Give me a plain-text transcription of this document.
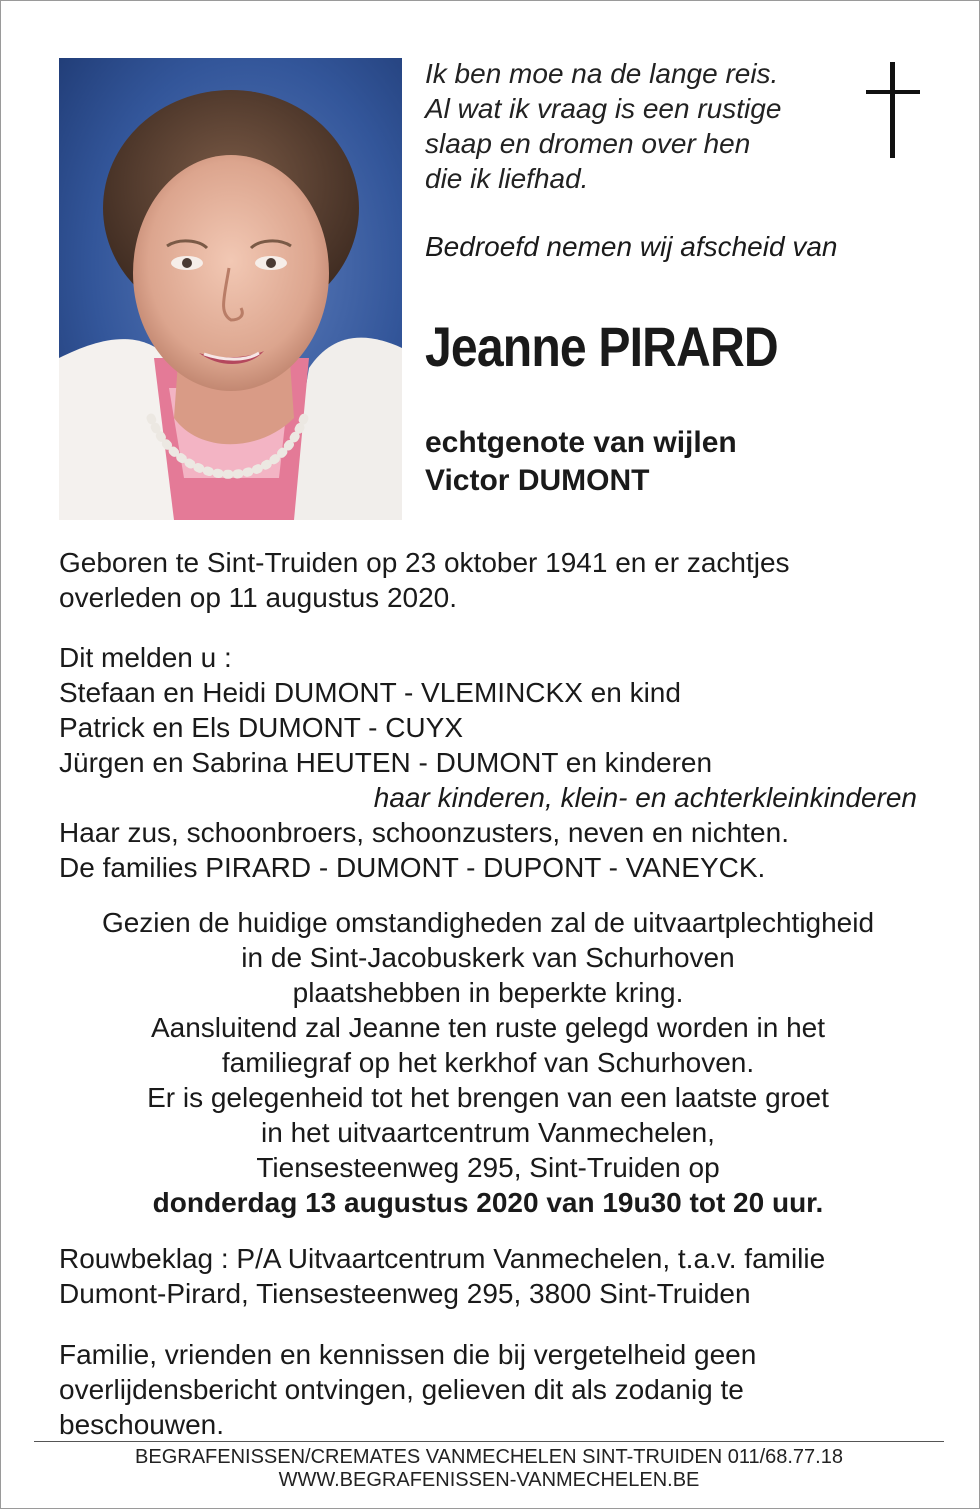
Ik ben moe na de lange reis.
Al wat ik vraag is een rustige
slaap en dromen over hen
die ik liefhad.
Bedroefd nemen wij afscheid van
Jeanne PIRARD
echtgenote van wijlen
Victor DUMONT
Geboren te Sint-Truiden op 23 oktober 1941 en er zachtjes
overleden op 11 augustus 2020.
Dit melden u :
Stefaan en Heidi DUMONT - VLEMINCKX en kind
Patrick en Els DUMONT - CUYX
Jürgen en Sabrina HEUTEN - DUMONT en kinderen
haar kinderen, klein- en achterkleinkinderen
Haar zus, schoonbroers, schoonzusters, neven en nichten.
De families PIRARD - DUMONT - DUPONT - VANEYCK.
Gezien de huidige omstandigheden zal de uitvaartplechtigheid
in de Sint-Jacobuskerk van Schurhoven
plaatshebben in beperkte kring.
Aansluitend zal Jeanne ten ruste gelegd worden in het
familiegraf op het kerkhof van Schurhoven.
Er is gelegenheid tot het brengen van een laatste groet
in het uitvaartcentrum Vanmechelen,
Tiensesteenweg 295, Sint-Truiden op
donderdag 13 augustus 2020 van 19u30 tot 20 uur.
Rouwbeklag : P/A Uitvaartcentrum Vanmechelen, t.a.v. familie
Dumont-Pirard, Tiensesteenweg 295, 3800 Sint-Truiden
Familie, vrienden en kennissen die bij vergetelheid geen
overlijdensbericht ontvingen, gelieven dit als zodanig te
beschouwen.
BEGRAFENISSEN/CREMATES VANMECHELEN SINT-TRUIDEN 011/68.77.18
WWW.BEGRAFENISSEN-VANMECHELEN.BE
